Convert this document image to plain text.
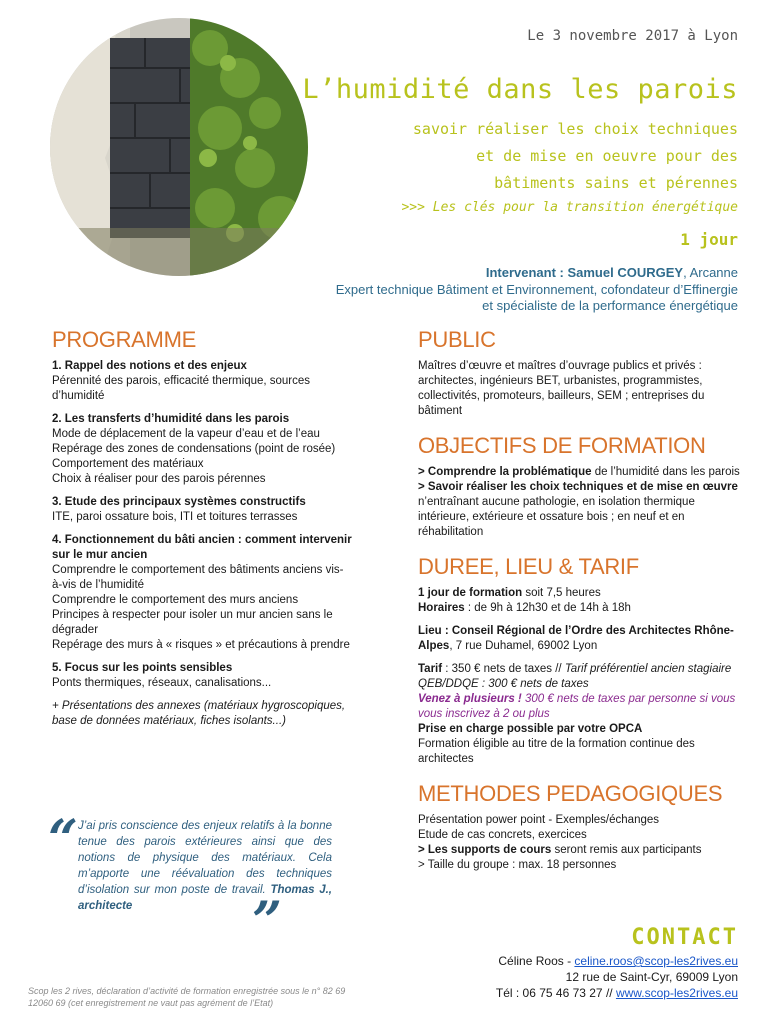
Le 3 novembre 2017 à Lyon
L’humidité dans les parois
savoir réaliser les choix techniques
et de mise en oeuvre pour des
bâtiments sains et pérennes
>>> Les clés pour la transition énergétique
1 jour
Intervenant : Samuel COURGEY, Arcanne
Expert technique Bâtiment et Environnement, cofondateur d’Effinergie
et spécialiste de la performance énergétique
PROGRAMME
1. Rappel des notions et des enjeux
Pérennité des parois, efficacité thermique, sources d’humidité
2. Les transferts d’humidité dans les parois
Mode de déplacement de la vapeur d’eau et de l’eau
Repérage des zones de condensations (point de rosée)
Comportement des matériaux
Choix à réaliser pour des parois pérennes
3. Etude des principaux systèmes constructifs
ITE, paroi ossature bois, ITI et toitures terrasses
4. Fonctionnement du bâti ancien : comment intervenir sur le mur ancien
Comprendre le comportement des bâtiments anciens vis-à-vis de l’humidité
Comprendre le comportement des murs anciens
Principes à respecter pour isoler un mur ancien sans le dégrader
Repérage des murs à « risques » et précautions à prendre
5. Focus sur les points sensibles
Ponts thermiques, réseaux, canalisations...
+ Présentations des annexes (matériaux hygroscopiques, base de données matériaux, fiches isolants...)
“ J’ai pris conscience des enjeux relatifs à la bonne tenue des parois extérieures ainsi que des notions de physique des matériaux. Cela m’apporte une réévaluation des techniques d’isolation sur mon poste de travail. Thomas J., architecte	”
PUBLIC
Maîtres d’œuvre et maîtres d’ouvrage publics et privés : architectes, ingénieurs BET, urbanistes, programmistes, collectivités, promoteurs, bailleurs, SEM ; entreprises du bâtiment
OBJECTIFS DE FORMATION
> Comprendre la problématique de l’humidité dans les parois
> Savoir réaliser les choix techniques et de mise en œuvre n’entraînant aucune pathologie, en isolation thermique intérieure, extérieure et ossature bois ; en neuf et en réhabilitation
DUREE, LIEU & TARIF
1 jour de formation soit 7,5 heures
Horaires : de 9h à 12h30 et de 14h à 18h
Lieu : Conseil Régional de l’Ordre des Architectes Rhône-Alpes, 7 rue Duhamel, 69002 Lyon
Tarif : 350 € nets de taxes // Tarif préférentiel ancien stagiaire QEB/DDQE : 300 € nets de taxes
Venez à plusieurs ! 300 € nets de taxes par personne si vous vous inscrivez à 2 ou plus
Prise en charge possible par votre OPCA
Formation éligible au titre de la formation continue des architectes
METHODES PEDAGOGIQUES
Présentation power point - Exemples/échanges
Etude de cas concrets, exercices
> Les supports de cours seront remis aux participants
> Taille du groupe : max. 18 personnes
CONTACT
Céline Roos - celine.roos@scop-les2rives.eu
12 rue de Saint-Cyr, 69009 Lyon
Tél : 06 75 46 73 27 // www.scop-les2rives.eu
Scop les 2 rives, déclaration d’activité de formation enregistrée sous le n° 82 69 12060 69 (cet enregistrement ne vaut pas agrément de l’Etat)
